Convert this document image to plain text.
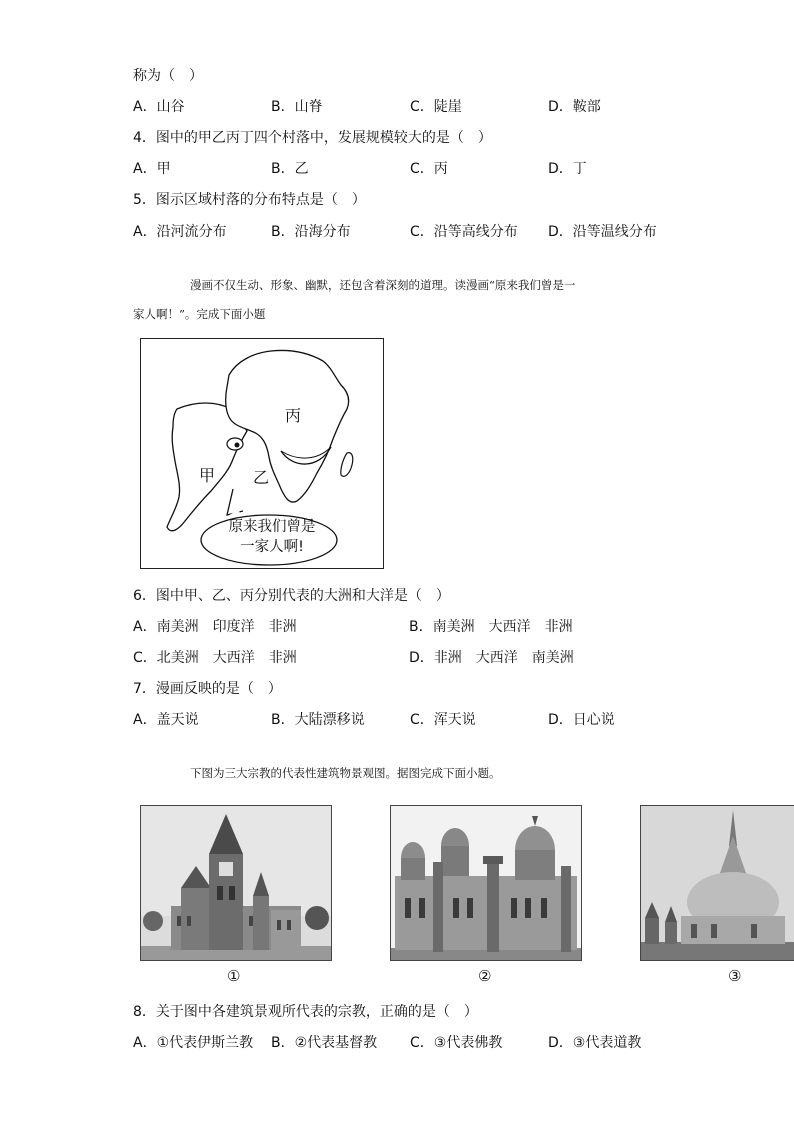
称为（　）
A．山谷	B．山脊	C．陡崖	D．鞍部
4．图中的甲乙丙丁四个村落中，发展规模较大的是（　）
A．甲	B．乙	C．丙	D．丁
5．图示区域村落的分布特点是（　）
A．沿河流分布	B．沿海分布	C．沿等高线分布 D．沿等温线分布
漫画不仅生动、形象、幽默，还包含着深刻的道理。读漫画“原来我们曾是一
家人啊！”。完成下面小题
甲 乙
丙
原来我们曾是
一家人啊!
6．图中甲、乙、丙分别代表的大洲和大洋是（　）
A．南美洲　印度洋　非洲	B．南美洲　大西洋　非洲
C．北美洲　大西洋　非洲	D．非洲　大西洋　南美洲
7．漫画反映的是（　）
A．盖天说	B．大陆漂移说	C．浑天说	D．日心说
下图为三大宗教的代表性建筑物景观图。据图完成下面小题。
①	②	③
8．关于图中各建筑景观所代表的宗教，正确的是（　）
A．①代表伊斯兰教 B．②代表基督教 C．③代表佛教	D．③代表道教
